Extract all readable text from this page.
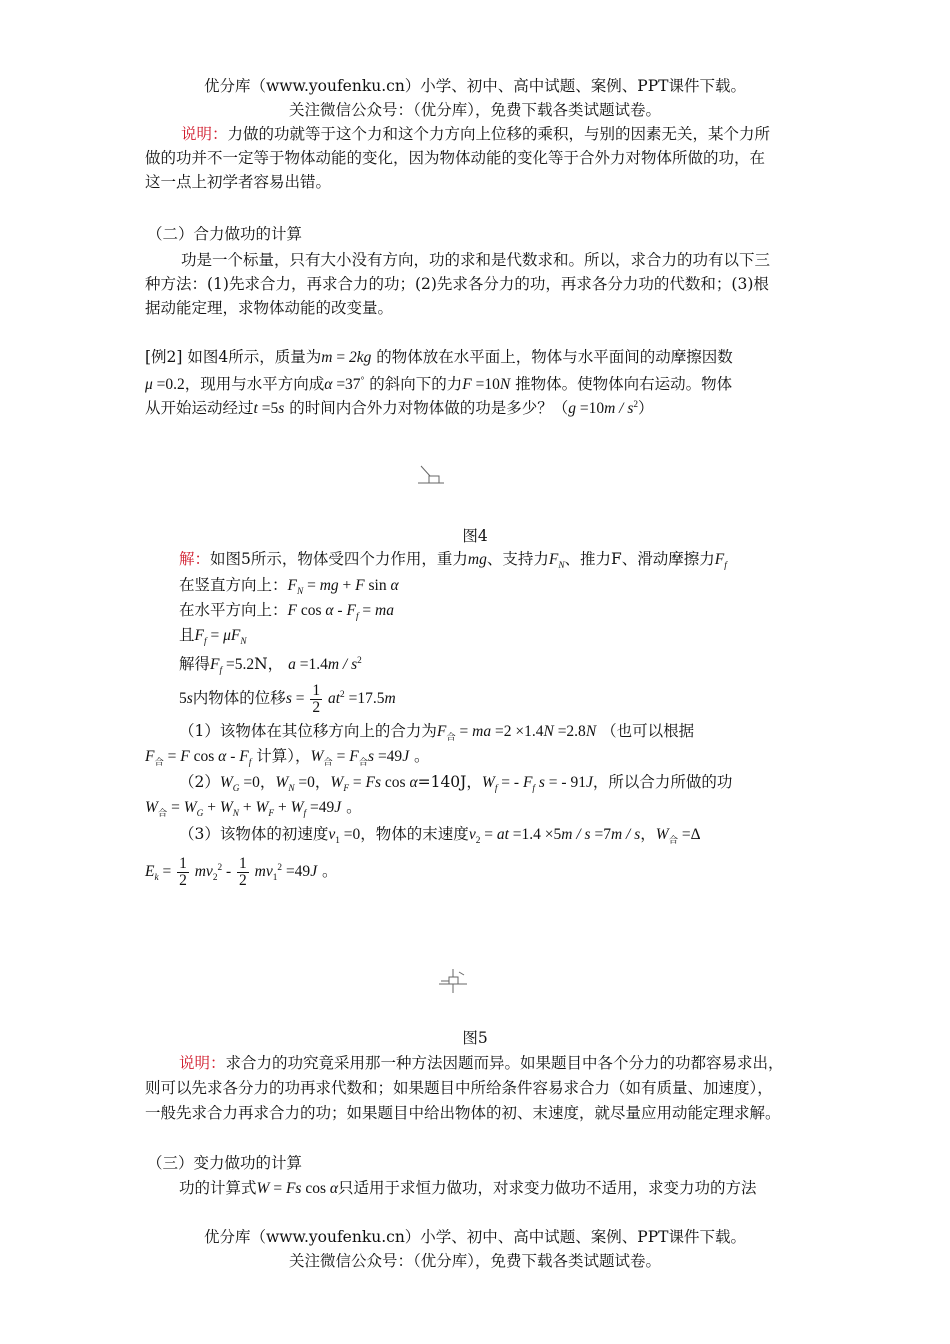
优分库（www.youfenku.cn）小学、初中、高中试题、案例、PPT课件下载。
关注微信公众号：（优分库），免费下载各类试题试卷。
说明：力做的功就等于这个力和这个力方向上位移的乘积，与别的因素无关，某个力所
做的功并不一定等于物体动能的变化，因为物体动能的变化等于合外力对物体所做的功，在
这一点上初学者容易出错。
（二）合力做功的计算
功是一个标量，只有大小没有方向，功的求和是代数求和。所以，求合力的功有以下三
种方法：(1)先求合力，再求合力的功；(2)先求各分力的功，再求各分力功的代数和；(3)根
据动能定理，求物体动能的改变量。
[例2] 如图4所示，质量为m = 2kg 的物体放在水平面上，物体与水平面间的动摩擦因数
μ =0.2，现用与水平方向成α =37° 的斜向下的力F =10N 推物体。使物体向右运动。物体
从开始运动经过t =5s 的时间内合外力对物体做的功是多少？$(g =10m / s^2)$
图4
解：如图5所示，物体受四个力作用，重力mg、支持力$F_N$、推力F、滑动摩擦力$F_f$
在竖直方向上：$F_N$ = mg + F sin α
在水平方向上：F cos α - $F_f$ = ma
且$F_f = \mu F_N$
解得$F_f =5.2N$， $a =1.4m / s^2$
5s内物体的位移$s = \frac{1}{2} at^2 =17.5m$
（1）该物体在其位移方向上的合力为$F_合$ = ma =2 ×1.4N =2.8N （也可以根据
$F_合 = F$ cos α - $F_f$ 计算），$W_合 = F_合s =49J$ 。
$(2)W_G =0$，$W_N =0$，$W_F = Fs$ cos α=140J，$W_f$ = - $F_f$ s = - 91J，所以合力所做的功
$W_合 = W_G + W_N + W_F + W_f =49J$ 。
（3）该物体的初速度$v_1 =0$，物体的末速度$v_2$ = at =1.4 ×5m / s =7m / s，$W_合 =\Delta$
$E_k = \frac{1}{2} mv_2^2 - \frac{1}{2} mv_1^2 =49J$ 。
图5
说明：求合力的功究竟采用那一种方法因题而异。如果题目中各个分力的功都容易求出，
则可以先求各分力的功再求代数和；如果题目中所给条件容易求合力（如有质量、加速度），
一般先求合力再求合力的功；如果题目中给出物体的初、末速度，就尽量应用动能定理求解。
（三）变力做功的计算
功的计算式W = Fs cos α只适用于求恒力做功，对求变力做功不适用，求变力功的方法
优分库（www.youfenku.cn）小学、初中、高中试题、案例、PPT课件下载。
关注微信公众号：（优分库），免费下载各类试题试卷。
